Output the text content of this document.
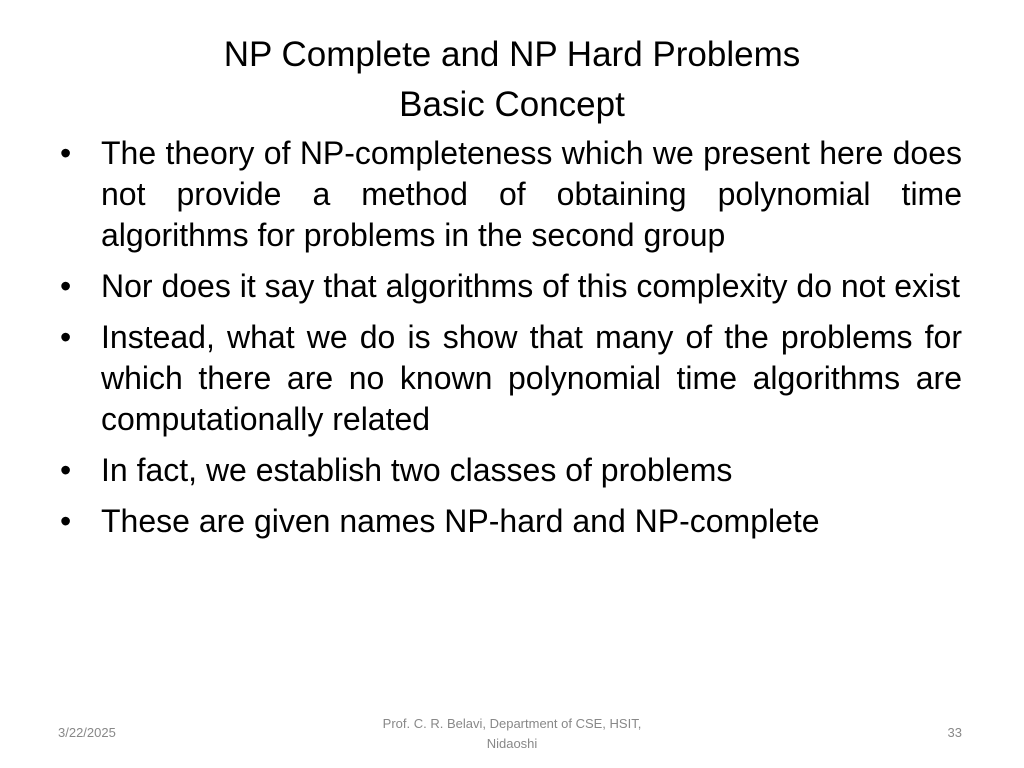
NP Complete and NP Hard Problems
Basic Concept
• The theory of NP-completeness which we present here does not provide a method of obtaining polynomial time algorithms for problems in the second group
• Nor does it say that algorithms of this complexity do not exist
• Instead, what we do is show that many of the problems for which there are no known polynomial time algorithms are computationally related
• In fact, we establish two classes of problems
• These are given names NP-hard and NP-complete
3/22/2025
Prof. C. R. Belavi, Department of CSE, HSIT,
Nidaoshi
33
